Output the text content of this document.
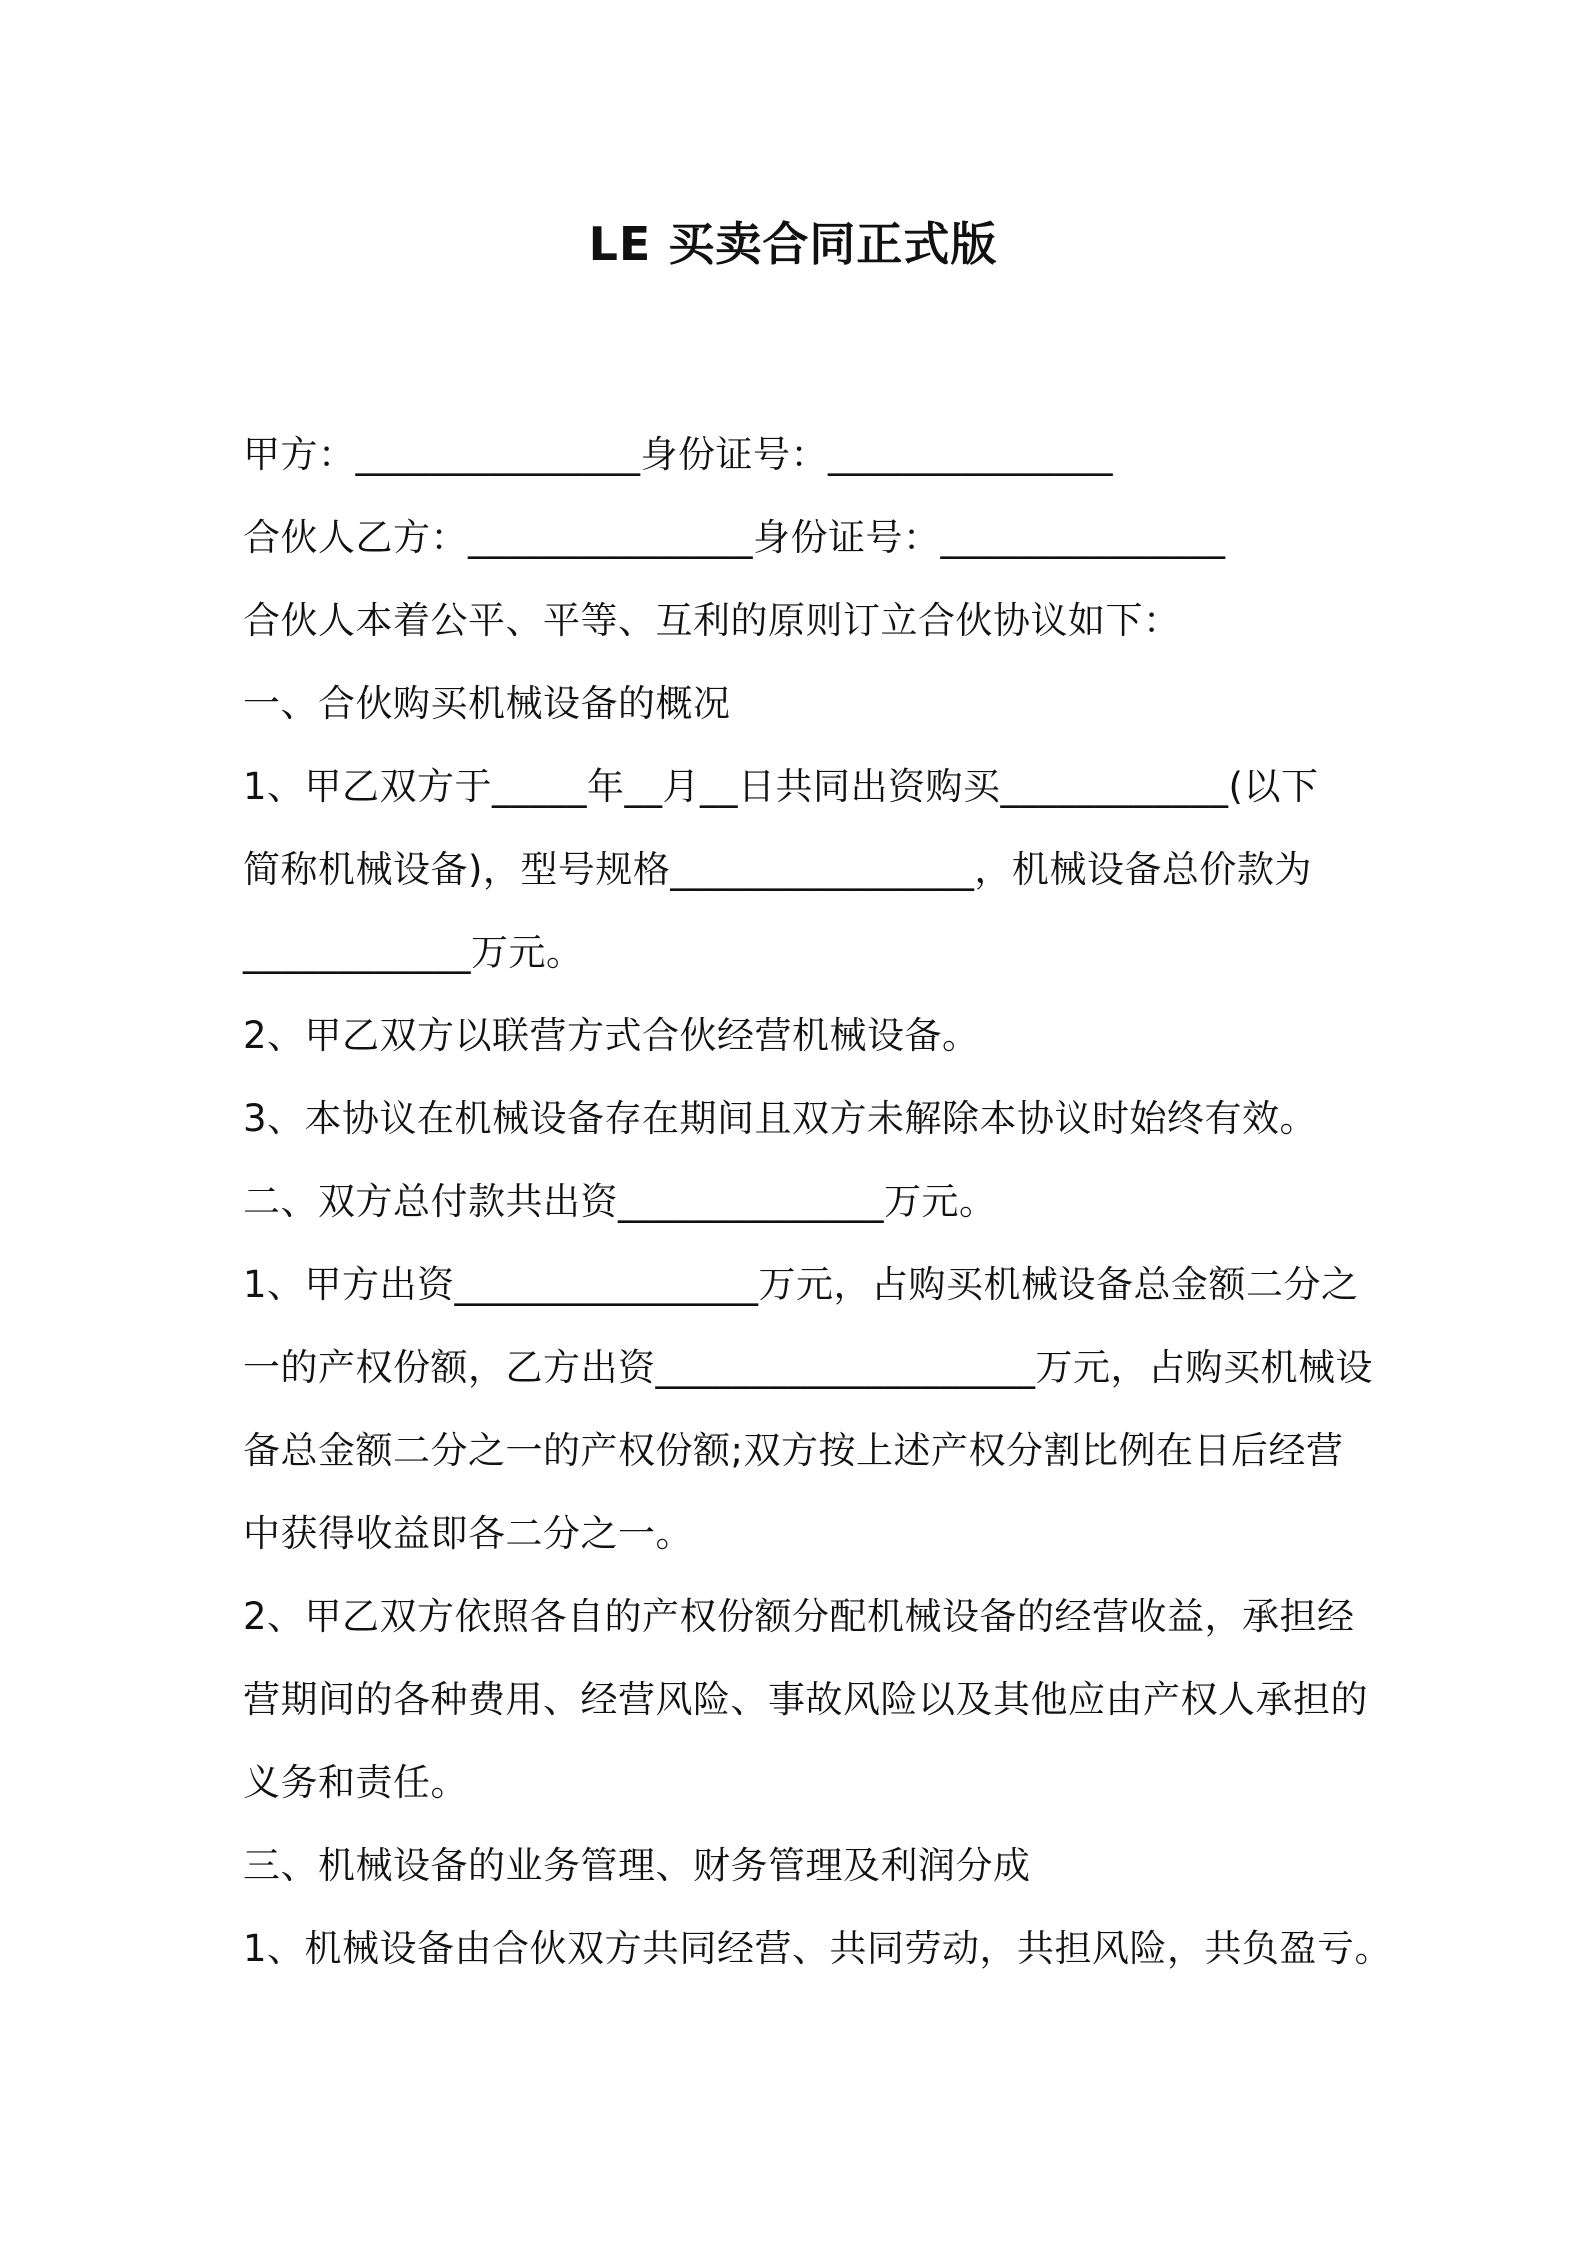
LE 买卖合同正式版
甲方：_______________身份证号：_______________
合伙人乙方：_______________身份证号：_______________
合伙人本着公平、平等、互利的原则订立合伙协议如下：
一、合伙购买机械设备的概况
1、甲乙双方于_____年__月__日共同出资购买____________(以下
简称机械设备)，型号规格________________，机械设备总价款为
____________万元。
2、甲乙双方以联营方式合伙经营机械设备。
3、本协议在机械设备存在期间且双方未解除本协议时始终有效。
二、双方总付款共出资______________万元。
1、甲方出资________________万元，占购买机械设备总金额二分之
一的产权份额，乙方出资____________________万元，占购买机械设
备总金额二分之一的产权份额;双方按上述产权分割比例在日后经营
中获得收益即各二分之一。
2、甲乙双方依照各自的产权份额分配机械设备的经营收益，承担经
营期间的各种费用、经营风险、事故风险以及其他应由产权人承担的
义务和责任。
三、机械设备的业务管理、财务管理及利润分成
1、机械设备由合伙双方共同经营、共同劳动，共担风险，共负盈亏。
